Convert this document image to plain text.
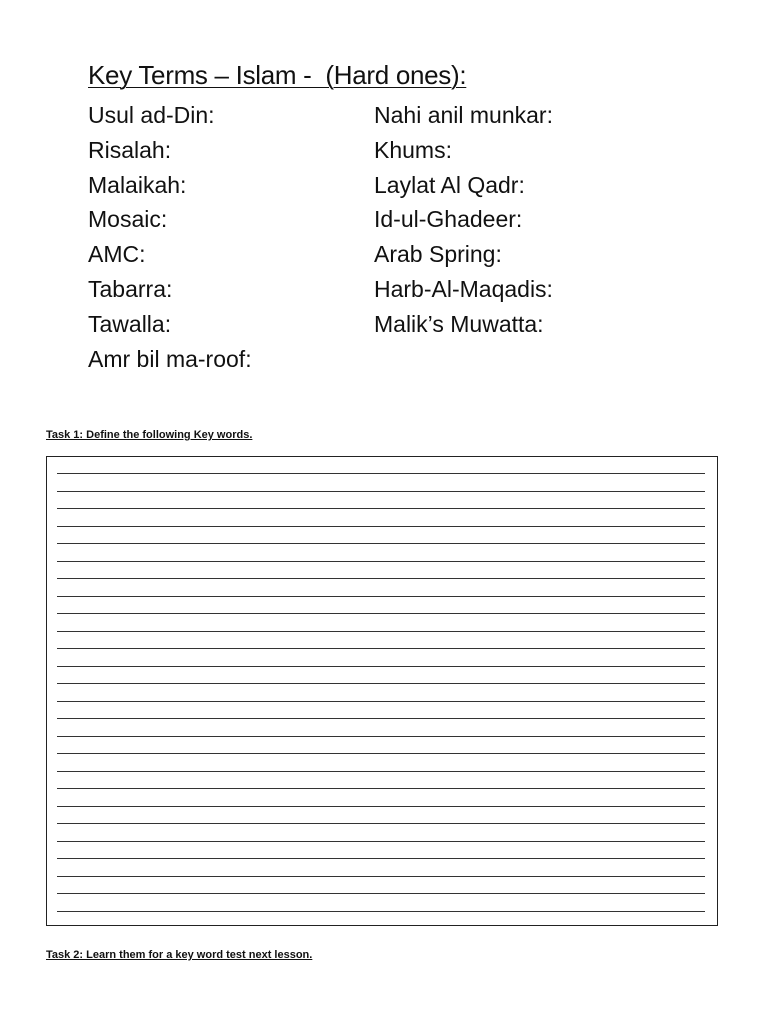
Key Terms – Islam -  (Hard ones):
Usul ad-Din:
Risalah:
Malaikah:
Mosaic:
AMC:
Tabarra:
Tawalla:
Amr bil ma-roof:
Nahi anil munkar:
Khums:
Laylat Al Qadr:
Id-ul-Ghadeer:
Arab Spring:
Harb-Al-Maqadis:
Malik’s Muwatta:
Task 1: Define the following Key words.
Task 2: Learn them for a key word test next lesson.
